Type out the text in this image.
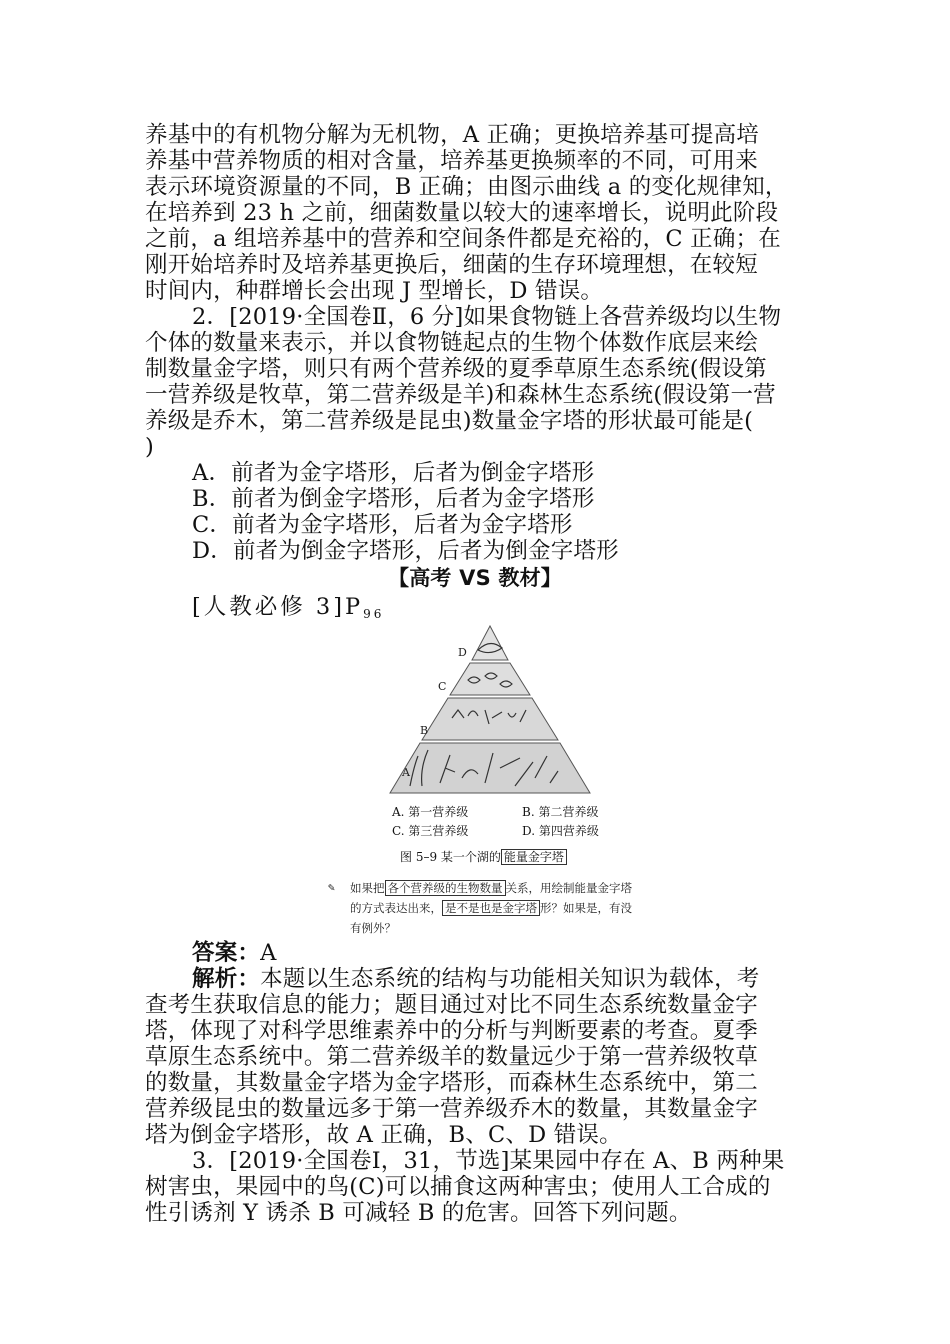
养基中的有机物分解为无机物，A 正确；更换培养基可提高培
养基中营养物质的相对含量，培养基更换频率的不同，可用来
表示环境资源量的不同，B 正确；由图示曲线 a 的变化规律知，
在培养到 23 h 之前，细菌数量以较大的速率增长，说明此阶段
之前，a 组培养基中的营养和空间条件都是充裕的，C 正确；在
刚开始培养时及培养基更换后，细菌的生存环境理想，在较短
时间内，种群增长会出现 J 型增长，D 错误。
2．[2019·全国卷Ⅱ，6 分]如果食物链上各营养级均以生物
个体的数量来表示，并以食物链起点的生物个体数作底层来绘
制数量金字塔，则只有两个营养级的夏季草原生态系统(假设第
一营养级是牧草，第二营养级是羊)和森林生态系统(假设第一营
养级是乔木，第二营养级是昆虫)数量金字塔的形状最可能是(
)
A．前者为金字塔形，后者为倒金字塔形
B．前者为倒金字塔形，后者为金字塔形
C．前者为金字塔形，后者为金字塔形
D．前者为倒金字塔形，后者为倒金字塔形
【高考 VS 教材】
[人教必修 3]P96
D
C
B
A
A. 第一营养级	B. 第二营养级
C. 第三营养级	D. 第四营养级
图 5–9 某一个湖的 能量金字塔
✎ 如果把 各个营养级的生物数量 关系，用绘制能量金字塔
的方式表达出来， 是不是也是金字塔 形？如果是，有没
有例外？
答案：A
解析：本题以生态系统的结构与功能相关知识为载体，考
查考生获取信息的能力；题目通过对比不同生态系统数量金字
塔，体现了对科学思维素养中的分析与判断要素的考查。夏季
草原生态系统中。第二营养级羊的数量远少于第一营养级牧草
的数量，其数量金字塔为金字塔形，而森林生态系统中，第二
营养级昆虫的数量远多于第一营养级乔木的数量，其数量金字
塔为倒金字塔形，故 A 正确，B、C、D 错误。
3．[2019·全国卷Ⅰ，31，节选]某果园中存在 A、B 两种果
树害虫，果园中的鸟(C)可以捕食这两种害虫；使用人工合成的
性引诱剂 Y 诱杀 B 可减轻 B 的危害。回答下列问题。
